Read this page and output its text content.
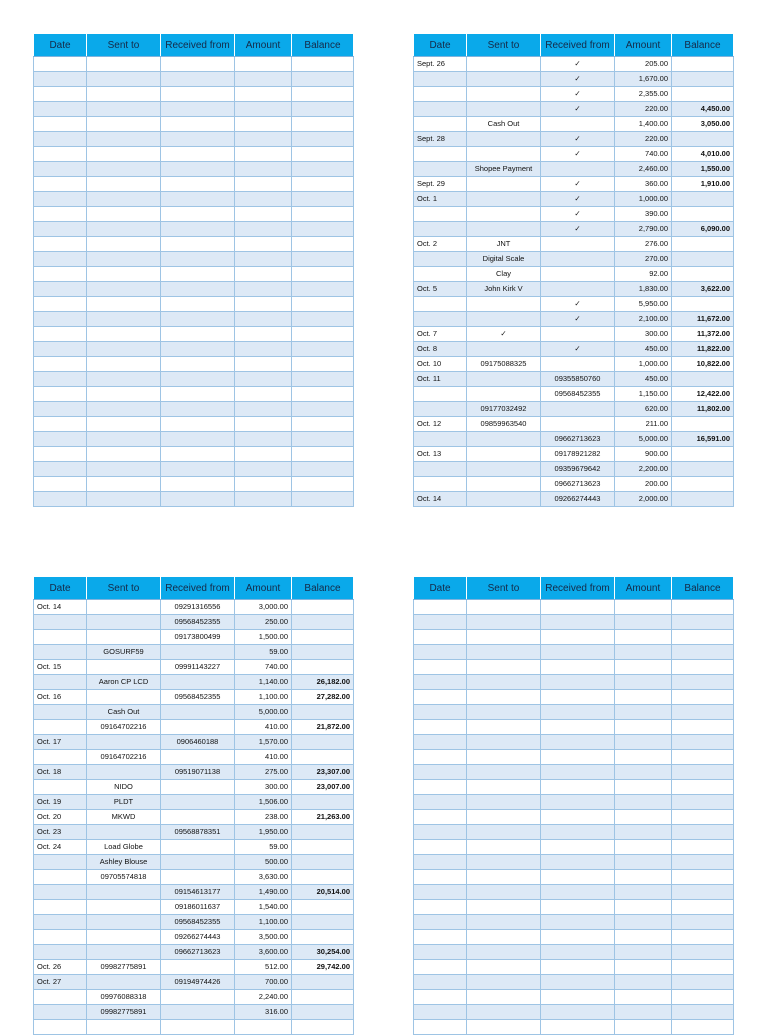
Date	Sent to	Received from	Amount	Balance

					Date	Sent to	Received from	Amount	Balance
Sept. 26		✓	205.00	
		✓	1,670.00	
		✓	2,355.00	
		✓	220.00	4,450.00
	Cash Out		1,400.00	3,050.00
Sept. 28		✓	220.00	
		✓	740.00	4,010.00
	Shopee Payment		2,460.00	1,550.00
Sept. 29		✓	360.00	1,910.00
Oct. 1		✓	1,000.00	
		✓	390.00	
		✓	2,790.00	6,090.00
Oct. 2	JNT		276.00	
	Digital Scale		270.00	
	Clay		92.00	
Oct. 5	John Kirk V		1,830.00	3,622.00
		✓	5,950.00	
		✓	2,100.00	11,672.00
Oct. 7	✓		300.00	11,372.00
Oct. 8		✓	450.00	11,822.00
Oct. 10	09175088325		1,000.00	10,822.00
Oct. 11		09355850760	450.00	
		09568452355	1,150.00	12,422.00
	09177032492		620.00	11,802.00
Oct. 12	09859963540		211.00	
		09662713623	5,000.00	16,591.00
Oct. 13		09178921282	900.00	
		09359679642	2,200.00	
		09662713623	200.00	
Oct. 14		09266274443	2,000.00	
Date	Sent to	Received from	Amount	Balance
Oct. 14		09291316556	3,000.00	
		09568452355	250.00	
		09173800499	1,500.00	
	GOSURF59		59.00	
Oct. 15		09991143227	740.00	
	Aaron CP LCD		1,140.00	26,182.00
Oct. 16		09568452355	1,100.00	27,282.00
	Cash Out		5,000.00	
	09164702216		410.00	21,872.00
Oct. 17		0906460188	1,570.00	
	09164702216		410.00	
Oct. 18		09519071138	275.00	23,307.00
	NIDO		300.00	23,007.00
Oct. 19	PLDT		1,506.00	
Oct. 20	MKWD		238.00	21,263.00
Oct. 23		09568878351	1,950.00	
Oct. 24	Load Globe		59.00	
	Ashley Blouse		500.00	
	09705574818		3,630.00	
		09154613177	1,490.00	20,514.00
		09186011637	1,540.00	
		09568452355	1,100.00	
		09266274443	3,500.00	
		09662713623	3,600.00	30,254.00
Oct. 26	09982775891		512.00	29,742.00
Oct. 27		09194974426	700.00	
	09976088318		2,240.00	
	09982775891		316.00	

Date	Sent to	Received from	Amount	Balance
